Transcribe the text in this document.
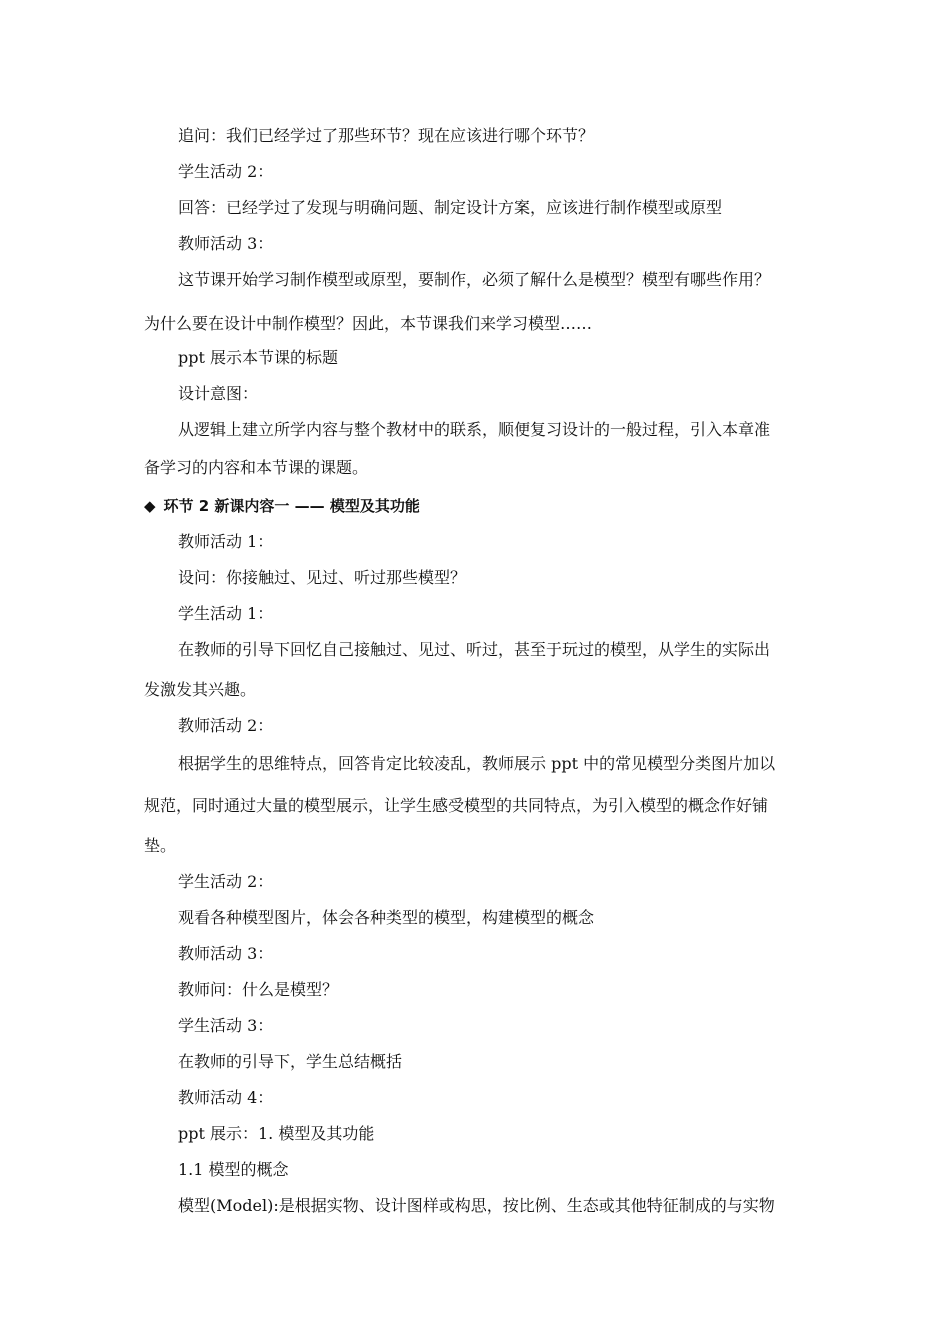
追问：我们已经学过了那些环节？现在应该进行哪个环节？
学生活动 2：
回答：已经学过了发现与明确问题、制定设计方案，应该进行制作模型或原型
教师活动 3：
这节课开始学习制作模型或原型，要制作，必须了解什么是模型？模型有哪些作用？
为什么要在设计中制作模型？因此，本节课我们来学习模型……
ppt 展示本节课的标题
设计意图：
从逻辑上建立所学内容与整个教材中的联系，顺便复习设计的一般过程，引入本章准
备学习的内容和本节课的课题。
◆ 环节 2 新课内容一 —— 模型及其功能
教师活动 1：
设问：你接触过、见过、听过那些模型？
学生活动 1：
在教师的引导下回忆自己接触过、见过、听过，甚至于玩过的模型，从学生的实际出
发激发其兴趣。
教师活动 2：
根据学生的思维特点，回答肯定比较凌乱，教师展示 ppt 中的常见模型分类图片加以
规范，同时通过大量的模型展示，让学生感受模型的共同特点，为引入模型的概念作好铺
垫。
学生活动 2：
观看各种模型图片，体会各种类型的模型，构建模型的概念
教师活动 3：
教师问：什么是模型？
学生活动 3：
在教师的引导下，学生总结概括
教师活动 4：
ppt 展示：1. 模型及其功能
1.1 模型的概念
模型(Model):是根据实物、设计图样或构思，按比例、生态或其他特征制成的与实物
